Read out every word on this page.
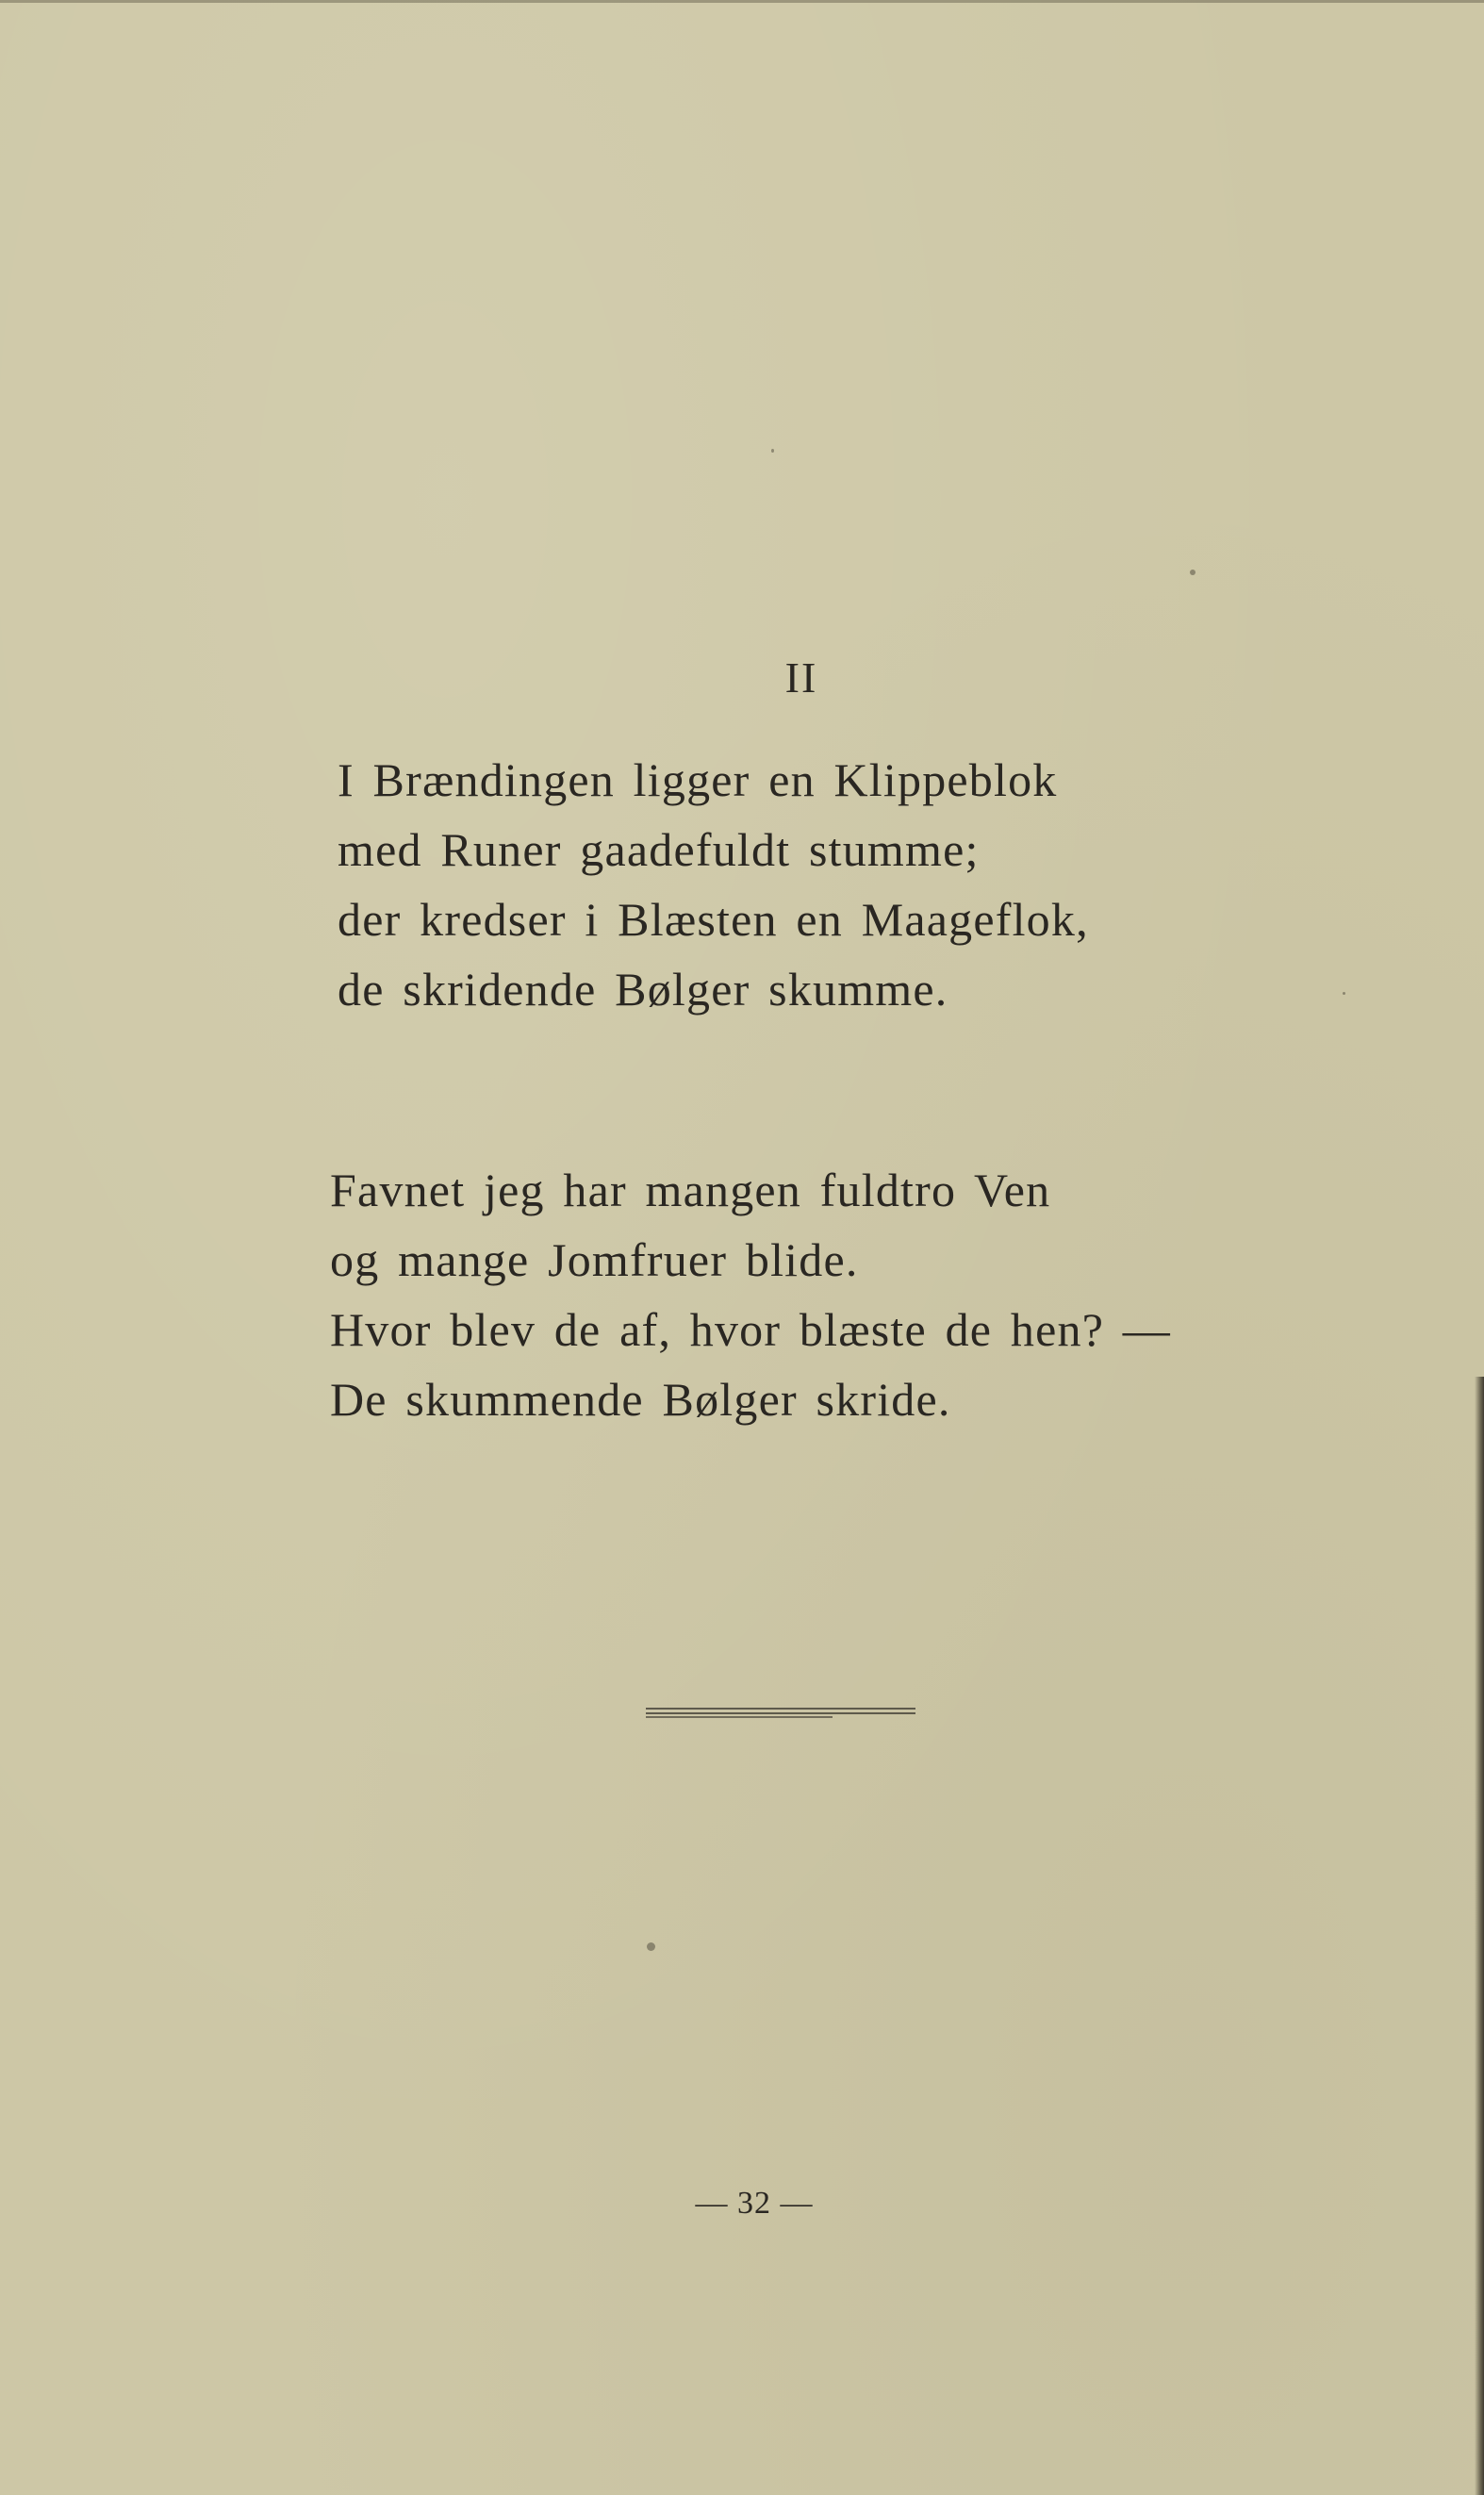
II
I Brændingen ligger en Klippeblok
med Runer gaadefuldt stumme;
der kredser i Blæsten en Maageflok,
de skridende Bølger skumme.
Favnet jeg har mangen fuldtro Ven
og mange Jomfruer blide.
Hvor blev de af, hvor blæste de hen? —
De skummende Bølger skride.
— 32 —
